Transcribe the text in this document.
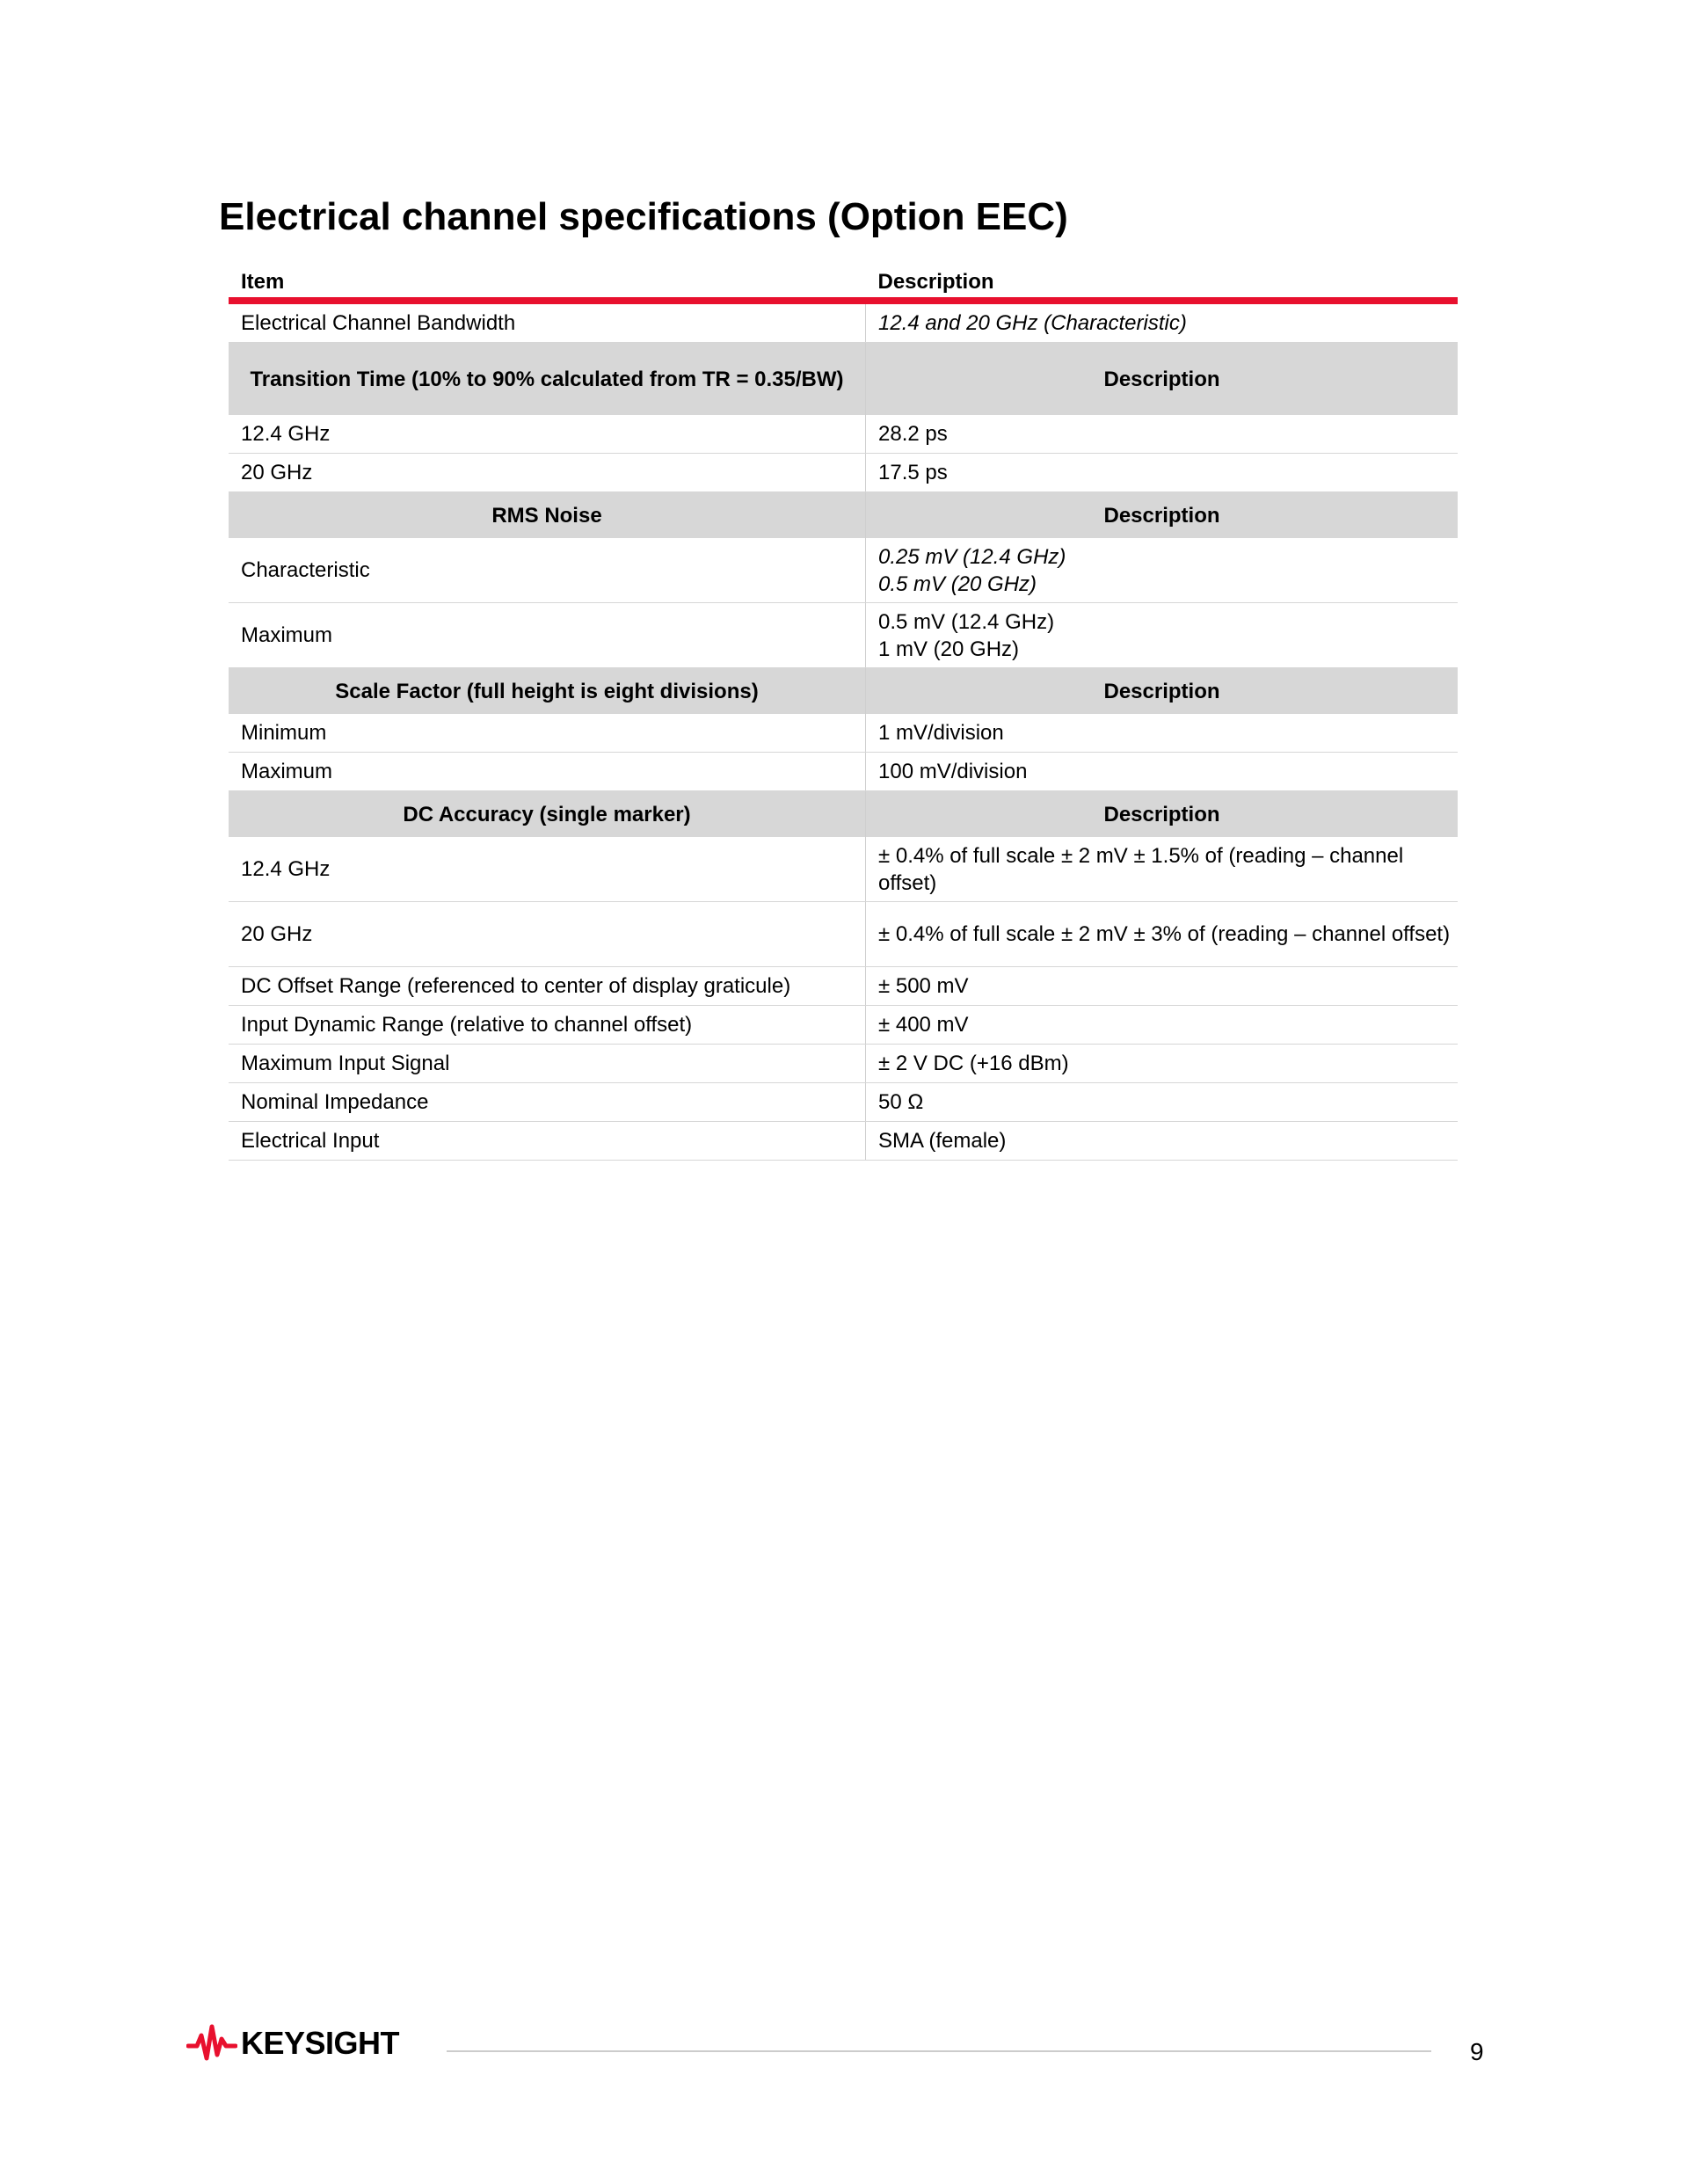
Electrical channel specifications (Option EEC)
Item	Description
Electrical Channel Bandwidth	12.4 and 20 GHz (Characteristic)
Transition Time (10% to 90% calculated from TR = 0.35/BW)	Description
12.4 GHz	28.2 ps
20 GHz	17.5 ps
RMS Noise	Description
Characteristic	0.25 mV (12.4 GHz)
0.5 mV (20 GHz)

Maximum	0.5 mV (12.4 GHz)
1 mV (20 GHz)

Scale Factor (full height is eight divisions)	Description
Minimum	1 mV/division
Maximum	100 mV/division
DC Accuracy (single marker)	Description
12.4 GHz	± 0.4% of full scale ± 2 mV ± 1.5% of (reading – channel offset)
20 GHz	± 0.4% of full scale ± 2 mV ± 3% of (reading – channel offset)
DC Offset Range (referenced to center of display graticule)	± 500 mV
Input Dynamic Range (relative to channel offset)	± 400 mV
Maximum Input Signal	± 2 V DC (+16 dBm)
Nominal Impedance	50 Ω
Electrical Input	SMA (female)
KEYSIGHT	9
